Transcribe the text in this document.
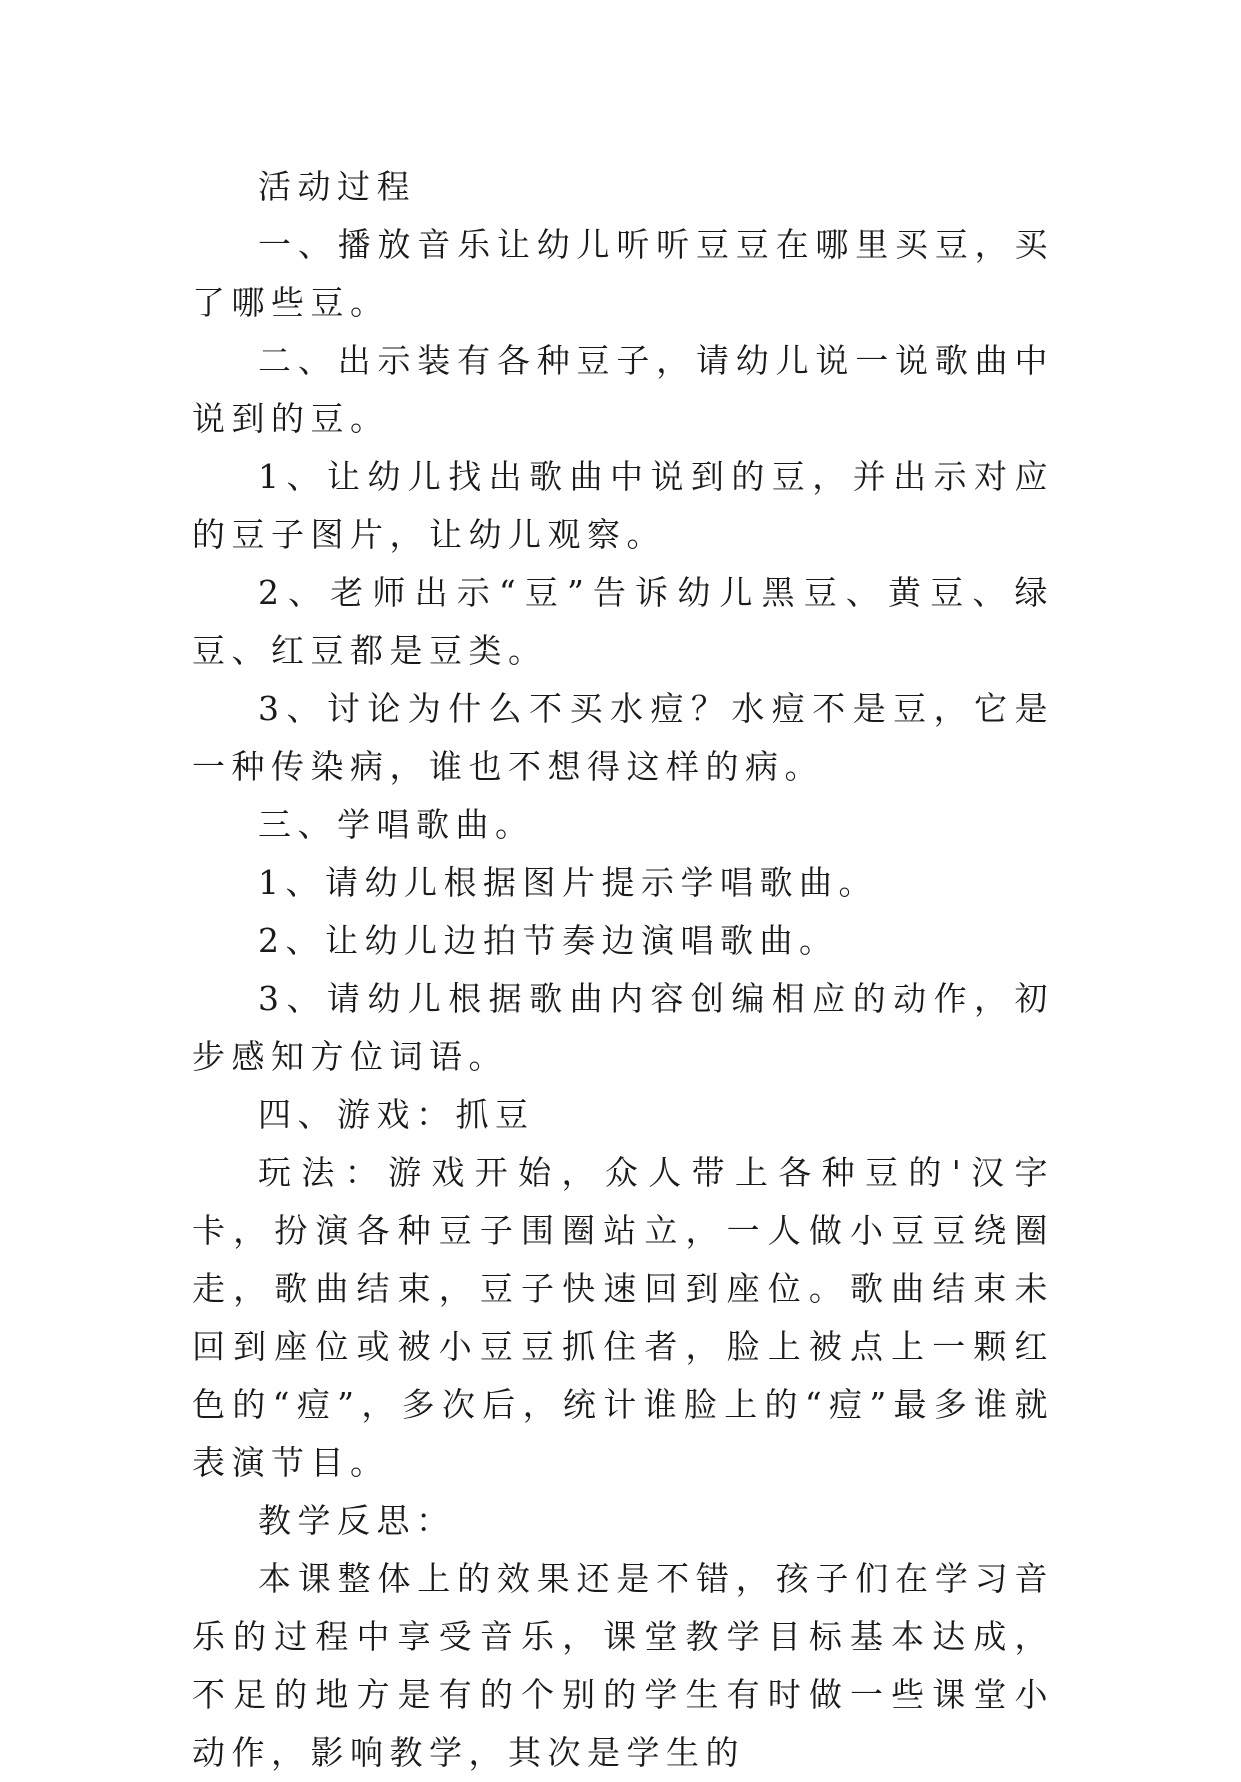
活动过程

一、播放音乐让幼儿听听豆豆在哪里买豆，买了哪些豆。

二、出示装有各种豆子，请幼儿说一说歌曲中说到的豆。

1、让幼儿找出歌曲中说到的豆，并出示对应的豆子图片，让幼儿观察。

2、老师出示“豆”告诉幼儿黑豆、黄豆、绿豆、红豆都是豆类。

3、讨论为什么不买水痘？水痘不是豆，它是一种传染病，谁也不想得这样的病。

三、学唱歌曲。

1、请幼儿根据图片提示学唱歌曲。

2、让幼儿边拍节奏边演唱歌曲。

3、请幼儿根据歌曲内容创编相应的动作，初步感知方位词语。

四、游戏：抓豆

玩法：游戏开始，众人带上各种豆的'汉字卡，扮演各种豆子围圈站立，一人做小豆豆绕圈走，歌曲结束，豆子快速回到座位。歌曲结束未回到座位或被小豆豆抓住者，脸上被点上一颗红色的“痘”，多次后，统计谁脸上的“痘”最多谁就表演节目。

教学反思：

本课整体上的效果还是不错，孩子们在学习音乐的过程中享受音乐，课堂教学目标基本达成，不足的地方是有的个别的学生有时做一些课堂小动作，影响教学，其次是学生的
